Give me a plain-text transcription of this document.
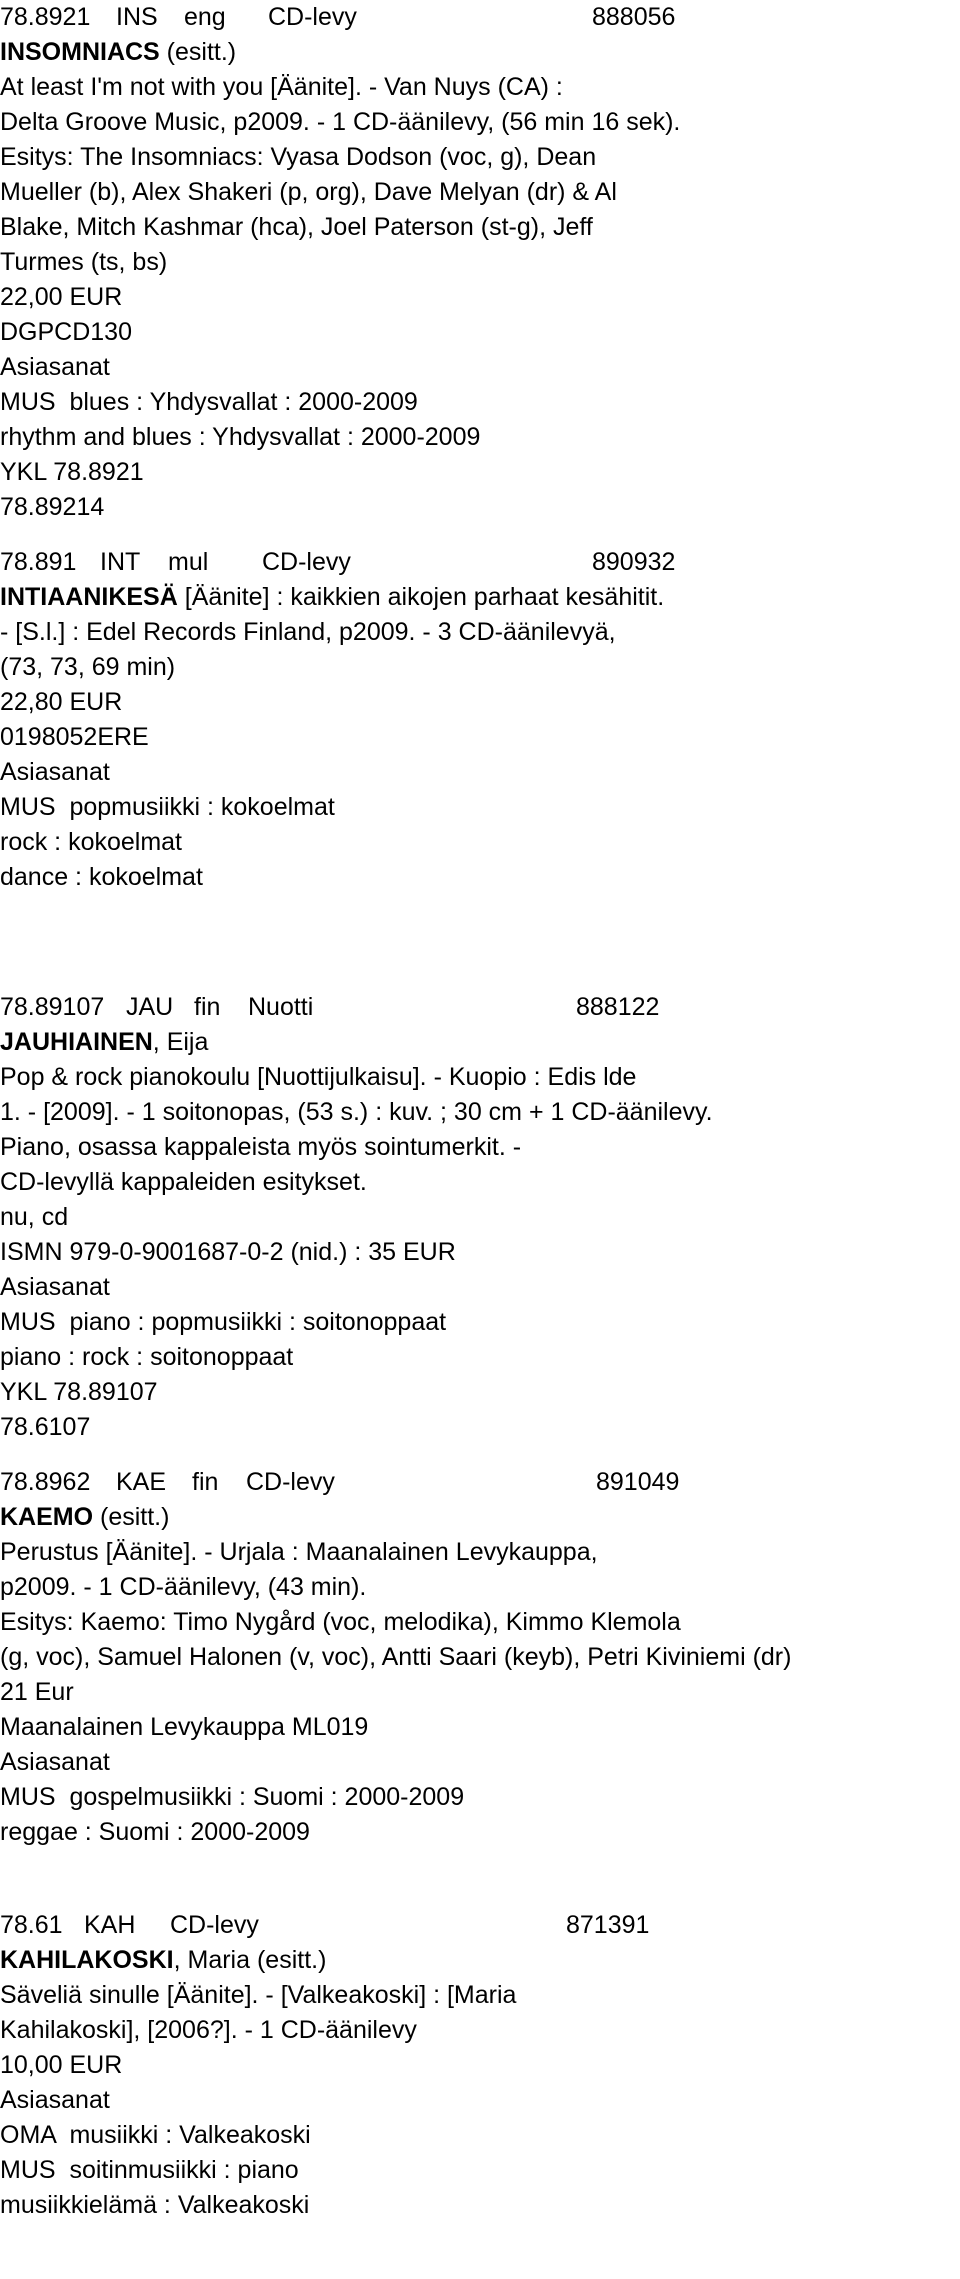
78.8921

INS

eng

CD-levy

	888056

INSOMNIACS (esitt.)
At least I'm not with you [Äänite]. - Van Nuys (CA) :
Delta Groove Music, p2009. - 1 CD-äänilevy, (56 min 16 sek).
Esitys: The Insomniacs: Vyasa Dodson (voc, g), Dean
Mueller (b), Alex Shakeri (p, org), Dave Melyan (dr) & Al
Blake, Mitch Kashmar (hca), Joel Paterson (st-g), Jeff
Turmes (ts, bs)
22,00 EUR
DGPCD130
Asiasanat
MUS  blues : Yhdysvallat : 2000-2009
rhythm and blues : Yhdysvallat : 2000-2009
YKL 78.8921
78.89214

78.891

INT

mul

CD-levy

	890932

INTIAANIKESÄ [Äänite] : kaikkien aikojen parhaat kesähitit.
- [S.l.] : Edel Records Finland, p2009. - 3 CD-äänilevyä,
(73, 73, 69 min)
22,80 EUR
0198052ERE
Asiasanat
MUS  popmusiikki : kokoelmat
rock : kokoelmat
dance : kokoelmat

78.89107

JAU

fin

Nuotti

	888122

JAUHIAINEN, Eija
Pop & rock pianokoulu [Nuottijulkaisu]. - Kuopio : Edis lde
1. - [2009]. - 1 soitonopas, (53 s.) : kuv. ; 30 cm + 1 CD-äänilevy.
Piano, osassa kappaleista myös sointumerkit. -
CD-levyllä kappaleiden esitykset.
nu, cd
ISMN 979-0-9001687-0-2 (nid.) : 35 EUR
Asiasanat
MUS  piano : popmusiikki : soitonoppaat
piano : rock : soitonoppaat
YKL 78.89107
78.6107

78.8962

KAE

fin

CD-levy

	891049

KAEMO (esitt.)
Perustus [Äänite]. - Urjala : Maanalainen Levykauppa,
p2009. - 1 CD-äänilevy, (43 min).
Esitys: Kaemo: Timo Nygård (voc, melodika), Kimmo Klemola
(g, voc), Samuel Halonen (v, voc), Antti Saari (keyb), Petri Kiviniemi (dr)
21 Eur
Maanalainen Levykauppa ML019
Asiasanat
MUS  gospelmusiikki : Suomi : 2000-2009
reggae : Suomi : 2000-2009

78.61

KAH

CD-levy

	871391

KAHILAKOSKI, Maria (esitt.)
Säveliä sinulle [Äänite]. - [Valkeakoski] : [Maria
Kahilakoski], [2006?]. - 1 CD-äänilevy
10,00 EUR
Asiasanat
OMA  musiikki : Valkeakoski
MUS  soitinmusiikki : piano
musiikkielämä : Valkeakoski
